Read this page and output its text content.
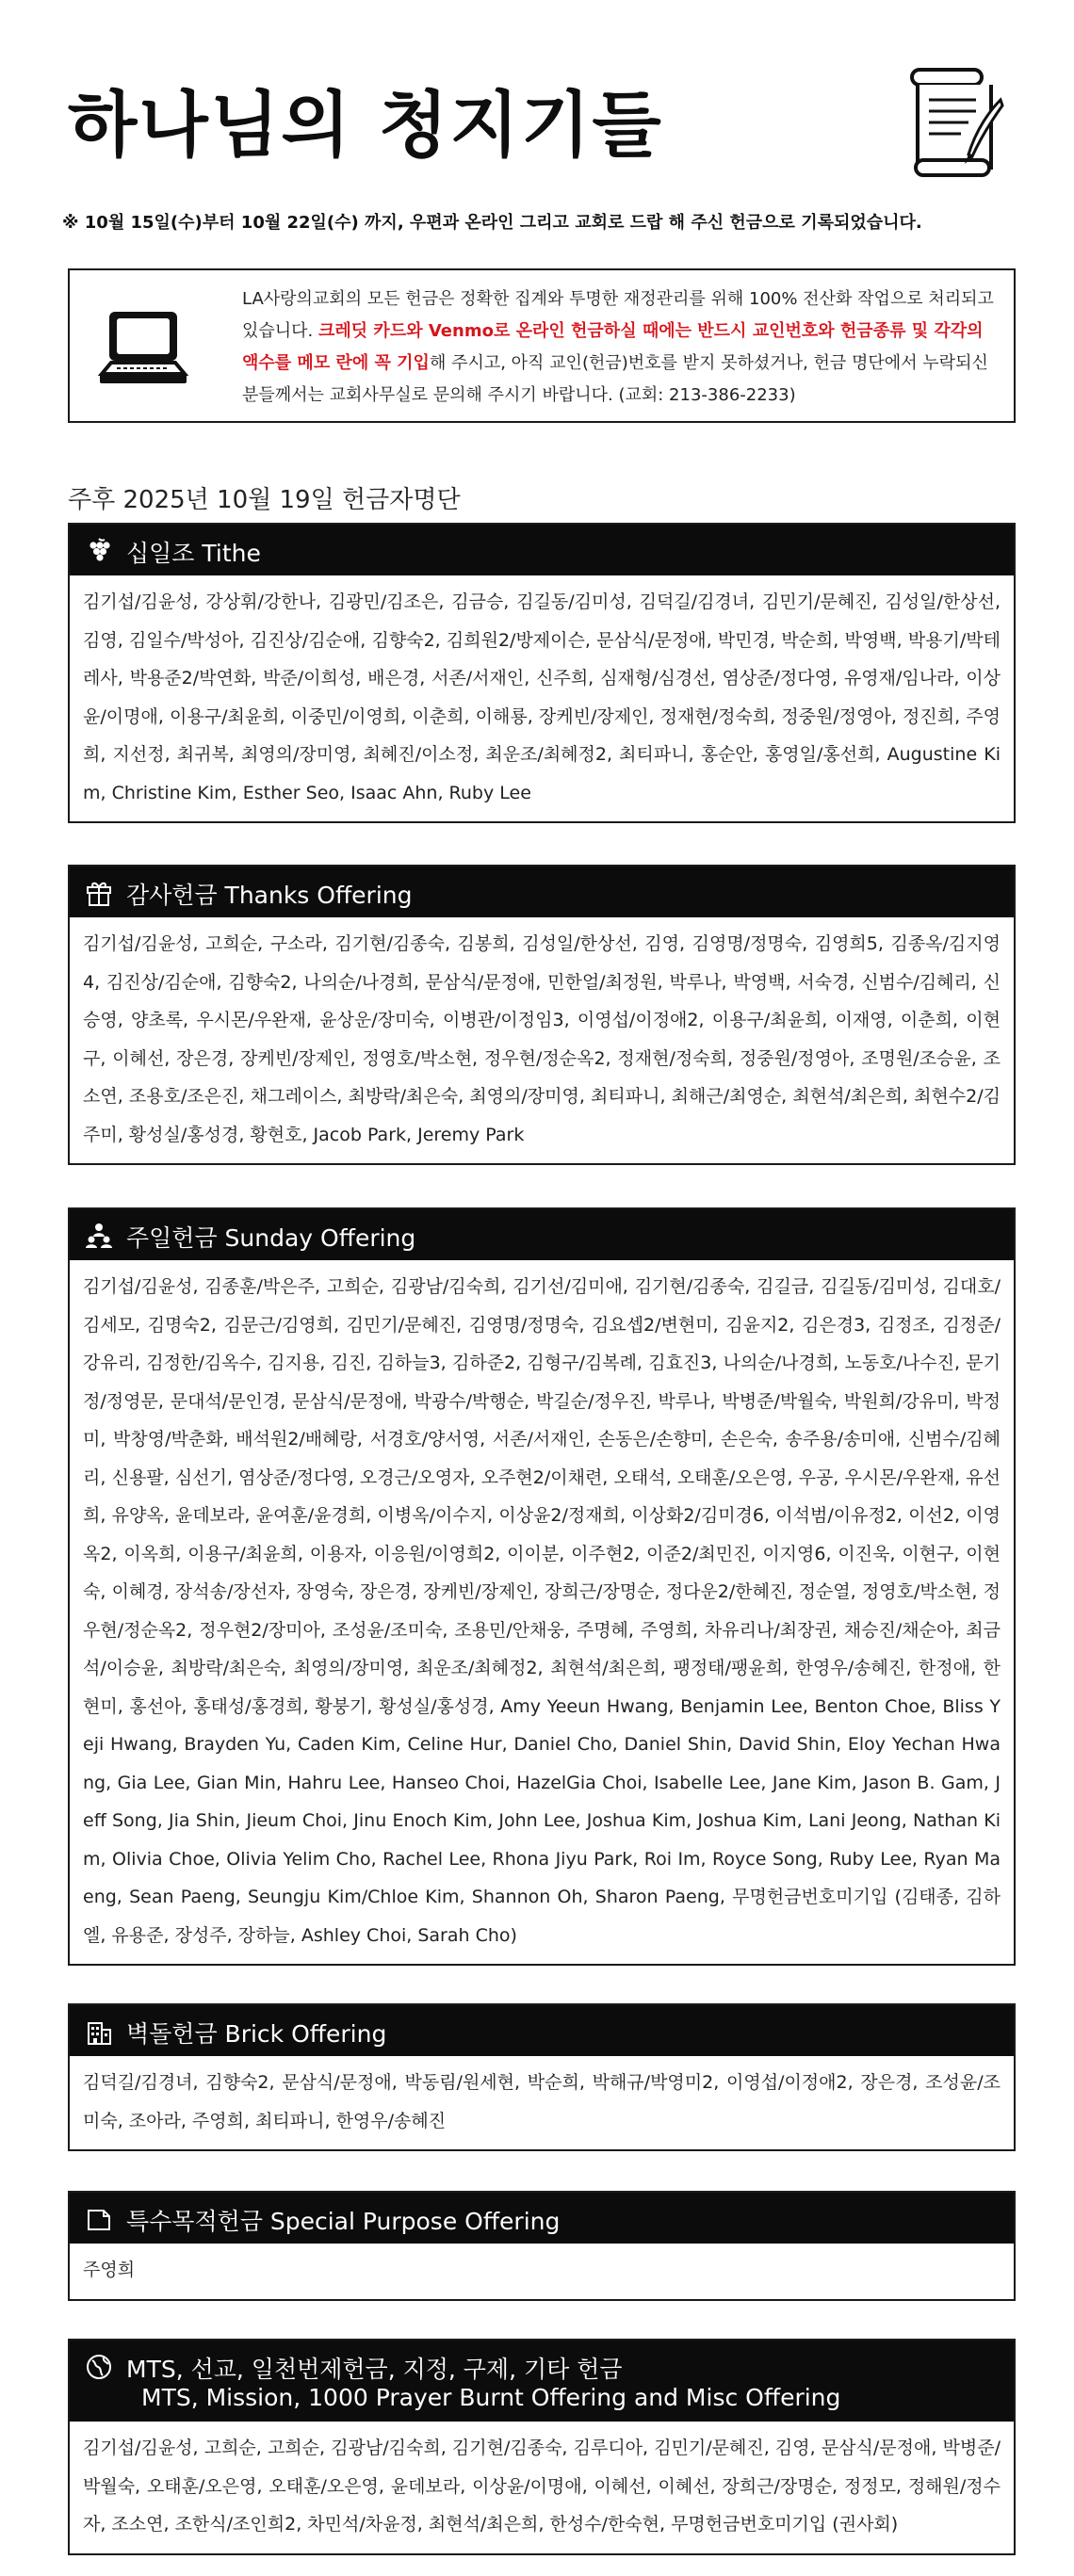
하나님의 청지기들
※ 10월 15일(수)부터 10월 22일(수) 까지, 우편과 온라인 그리고 교회로 드랍 해 주신 헌금으로 기록되었습니다.
LA사랑의교회의 모든 헌금은 정확한 집계와 투명한 재정관리를 위해 100% 전산화 작업으로 처리되고 있습니다. 크레딧 카드와 Venmo로 온라인 헌금하실 때에는 반드시 교인번호와 헌금종류 및 각각의 액수를 메모 란에 꼭 기입해 주시고, 아직 교인(헌금)번호를 받지 못하셨거나, 헌금 명단에서 누락되신 분들께서는 교회사무실로 문의해 주시기 바랍니다. (교회: 213-386-2233)
주후 2025년 10월 19일 헌금자명단
십일조 Tithe
김기섭/김윤성, 강상휘/강한나, 김광민/김조은, 김금승, 김길동/김미성, 김덕길/김경녀, 김민기/문혜진, 김성일/한상선, 김영, 김일수/박성아, 김진상/김순애, 김향숙2, 김희원2/방제이슨, 문삼식/문정애, 박민경, 박순희, 박영백, 박용기/박테레사, 박용준2/박연화, 박준/이희성, 배은경, 서존/서재인, 신주희, 심재형/심경선, 염상준/정다영, 유영재/임나라, 이상윤/이명애, 이용구/최윤희, 이중민/이영희, 이춘희, 이해룡, 장케빈/장제인, 정재현/정숙희, 정중원/정영아, 정진희, 주영희, 지선정, 최귀복, 최영의/장미영, 최혜진/이소정, 최운조/최혜정2, 최티파니, 홍순안, 홍영일/홍선희, Augustine Kim, Christine Kim, Esther Seo, Isaac Ahn, Ruby Lee
감사헌금 Thanks Offering
김기섭/김윤성, 고희순, 구소라, 김기현/김종숙, 김봉희, 김성일/한상선, 김영, 김영명/정명숙, 김영희5, 김종옥/김지영4, 김진상/김순애, 김향숙2, 나의순/나경희, 문삼식/문정애, 민한얼/최정원, 박루나, 박영백, 서숙경, 신범수/김혜리, 신승영, 양초록, 우시몬/우완재, 윤상운/장미숙, 이병관/이정임3, 이영섭/이정애2, 이용구/최윤희, 이재영, 이춘희, 이현구, 이혜선, 장은경, 장케빈/장제인, 정영호/박소현, 정우현/정순옥2, 정재현/정숙희, 정중원/정영아, 조명원/조승윤, 조소연, 조용호/조은진, 채그레이스, 최방락/최은숙, 최영의/장미영, 최티파니, 최해근/최영순, 최현석/최은희, 최현수2/김주미, 황성실/홍성경, 황현호, Jacob Park, Jeremy Park
주일헌금 Sunday Offering
김기섭/김윤성, 김종훈/박은주, 고희순, 김광남/김숙희, 김기선/김미애, 김기현/김종숙, 김길금, 김길동/김미성, 김대호/김세모, 김명숙2, 김문근/김영희, 김민기/문혜진, 김영명/정명숙, 김요셉2/변현미, 김윤지2, 김은경3, 김정조, 김정준/강유리, 김정한/김옥수, 김지용, 김진, 김하늘3, 김하준2, 김형구/김복례, 김효진3, 나의순/나경희, 노동호/나수진, 문기정/정영문, 문대석/문인경, 문삼식/문정애, 박광수/박행순, 박길순/정우진, 박루나, 박병준/박월숙, 박원희/강유미, 박정미, 박창영/박춘화, 배석원2/배혜랑, 서경호/양서영, 서존/서재인, 손동은/손향미, 손은숙, 송주용/송미애, 신범수/김혜리, 신용팔, 심선기, 염상준/정다영, 오경근/오영자, 오주현2/이채련, 오태석, 오태훈/오은영, 우공, 우시몬/우완재, 유선희, 유양옥, 윤데보라, 윤여훈/윤경희, 이병옥/이수지, 이상윤2/정재희, 이상화2/김미경6, 이석범/이유정2, 이선2, 이영옥2, 이옥희, 이용구/최윤희, 이용자, 이응원/이영희2, 이이분, 이주현2, 이준2/최민진, 이지영6, 이진욱, 이현구, 이현숙, 이혜경, 장석송/장선자, 장영숙, 장은경, 장케빈/장제인, 장희근/장명순, 정다운2/한혜진, 정순열, 정영호/박소현, 정우현/정순옥2, 정우현2/장미아, 조성윤/조미숙, 조용민/안채웅, 주명혜, 주영희, 차유리나/최장권, 채승진/채순아, 최금석/이승윤, 최방락/최은숙, 최영의/장미영, 최운조/최혜정2, 최현석/최은희, 팽정태/팽윤희, 한영우/송혜진, 한정애, 한현미, 홍선아, 홍태성/홍경희, 황붕기, 황성실/홍성경, Amy Yeeun Hwang, Benjamin Lee, Benton Choe, Bliss Yeji Hwang, Brayden Yu, Caden Kim, Celine Hur, Daniel Cho, Daniel Shin, David Shin, Eloy Yechan Hwang, Gia Lee, Gian Min, Hahru Lee, Hanseo Choi, HazelGia Choi, Isabelle Lee, Jane Kim, Jason B. Gam, Jeff Song, Jia Shin, Jieum Choi, Jinu Enoch Kim, John Lee, Joshua Kim, Joshua Kim, Lani Jeong, Nathan Kim, Olivia Choe, Olivia Yelim Cho, Rachel Lee, Rhona Jiyu Park, Roi Im, Royce Song, Ruby Lee, Ryan Maeng, Sean Paeng, Seungju Kim/Chloe Kim, Shannon Oh, Sharon Paeng, 무명헌금번호미기입 (김태종, 김하엘, 유용준, 장성주, 장하늘, Ashley Choi, Sarah Cho)
벽돌헌금 Brick Offering
김덕길/김경녀, 김향숙2, 문삼식/문정애, 박동림/원세현, 박순희, 박해규/박영미2, 이영섭/이정애2, 장은경, 조성윤/조미숙, 조아라, 주영희, 최티파니, 한영우/송혜진
특수목적헌금 Special Purpose Offering
주영희
MTS, 선교, 일천번제헌금, 지정, 구제, 기타 헌금
MTS, Mission, 1000 Prayer Burnt Offering and Misc Offering
김기섭/김윤성, 고희순, 고희순, 김광남/김숙희, 김기현/김종숙, 김루디아, 김민기/문혜진, 김영, 문삼식/문정애, 박병준/박월숙, 오태훈/오은영, 오태훈/오은영, 윤데보라, 이상윤/이명애, 이혜선, 이혜선, 장희근/장명순, 정정모, 정해원/정수자, 조소연, 조한식/조인희2, 차민석/차윤정, 최현석/최은희, 한성수/한숙현, 무명헌금번호미기입 (권사회)
